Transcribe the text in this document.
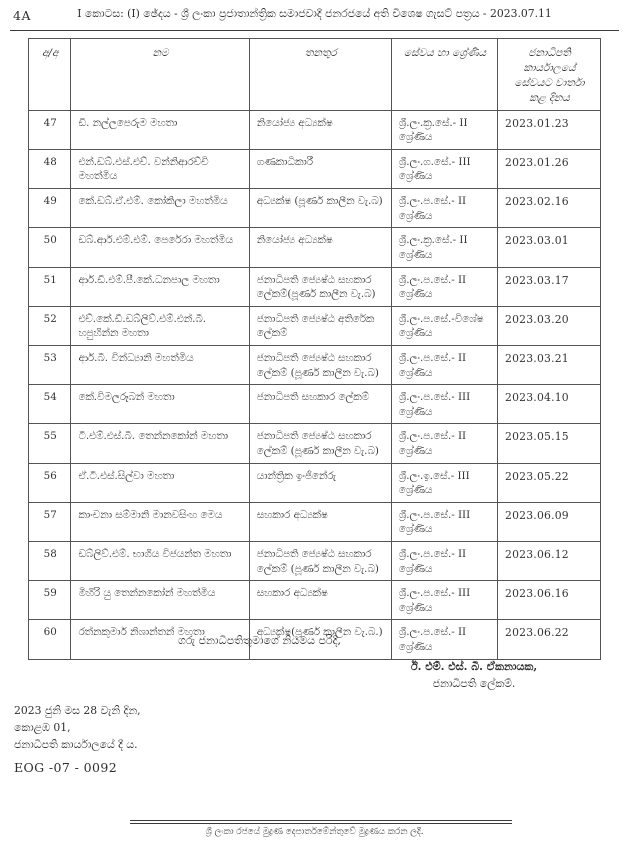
4A	I කොටස: (I) ඡේදය - ශ්‍රී ලංකා ප්‍රජාතාන්ත්‍රික සමාජවාදී ජනරජයේ අති විශෙෂ ගැසට් පත්‍රය - 2023.07.11
අ/අ	නම	තනතුර	සේවය හා ශ්‍රේණිය	ජනාධිපති කාර්යාලයේ සේවයට වාර්තා කළ දිනය
47	ඩී. නල්ලපෙරුම මහතා	නියෝජ්‍ය අධ්‍යක්ෂ	ශ්‍රී.ලං.ක්‍ර.සේ.- II ශ්‍රේණිය	2023.01.23
48	එන්.ඩබ්.එස්.එච්. වන්නිආරච්චි මහත්මිය	ගණකාධිකාරී	ශ්‍රී.ලං.ග.සේ.- III ශ්‍රේණිය	2023.01.26
49	කේ.ඩබ්.ඒ.එම්. කෝකිලා මහත්මිය	අධ්‍යක්ෂ (පූර්ණ කාලීන වැ.බ)	ශ්‍රී.ලං.ප.සේ.- II ශ්‍රේණිය	2023.02.16
50	ඩබ්.ආර්.එම්.එම්. පෙරේරා මහත්මිය	නියෝජ්‍ය අධ්‍යක්ෂ	ශ්‍රී.ලං.ක්‍ර.සේ.- II ශ්‍රේණිය	2023.03.01
51	ආර්.ඩී.එම්.පී.කේ.ධනපාල මහතා	ජනාධිපති ජ්‍යෙෂ්ඨ සහකාර ලේකම්(පූර්ණ කාලීන වැ.බ)	ශ්‍රී.ලං.ප.සේ.- II ශ්‍රේණිය	2023.03.17
52	එච්.කේ.ඩී.ඩබ්ලිව්.එම්.එන්.බී. හපුහින්න මහතා	ජනාධිපති ජ්‍යෙෂ්ඨ අතිරේක ලේකම්	ශ්‍රී.ලං.ප.සේ.-විශේෂ ශ්‍රේණිය	2023.03.20
53	ආර්.බී. වින්ධ්‍යානි මහත්මිය	ජනාධිපති ජ්‍යෙෂ්ඨ සහකාර ලේකම් (පූර්ණ කාලීන වැ.බ)	ශ්‍රී.ලං.ප.සේ.- II ශ්‍රේණිය	2023.03.21
54	කේ.විමලරූබන් මහතා	ජනාධිපති සහකාර ලේකම්	ශ්‍රී.ලං.ප.සේ.- III ශ්‍රේණිය	2023.04.10
55	ටී.එම්.එස්.බී. තෙන්නකෝන් මහතා	ජනාධිපති ජ්‍යෙෂ්ඨ සහකාර ලේකම් (පූර්ණ කාලීන වැ.බ)	ශ්‍රී.ලං.ප.සේ.- II ශ්‍රේණිය	2023.05.15
56	ඒ.ටී.එස්.සිල්වා මහතා	යාන්ත්‍රික ඉංජිනේරු	ශ්‍රී.ලං.ඉ.සේ.- III ශ්‍රේණිය	2023.05.22
57	කාංචනා සම්මානි මානවසිංහ මෙය	සහකාර අධ්‍යක්ෂ	ශ්‍රී.ලං.ප.සේ.- III ශ්‍රේණිය	2023.06.09
58	ඩබ්ලිව්.එම්. භාගිය විජයන්ත මහතා	ජනාධිපති ජ්‍යෙෂ්ඨ සහකාර ලේකම් (පූර්ණ කාලීන වැ.බ)	ශ්‍රී.ලං.ප.සේ.- II ශ්‍රේණිය	2023.06.12
59	මිහිරි යු තෙන්නකෝන් මහත්මිය	සහකාර අධ්‍යක්ෂ	ශ්‍රී.ලං.ප.සේ.- III ශ්‍රේණිය	2023.06.16
60	රත්නකුමාර් නිශාන්තන් මහතා	අධ්‍යක්ෂ(පූර්ණ කාලීන වැ.බ.)	ශ්‍රී.ලං.ප.සේ.- II ශ්‍රේණිය	2023.06.22
ගරු ජනාධිපතිතුමාගේ නියමය පරිදි,
ඊ. එම්. එස්. බී. ඒකනායක,
ජනාධිපති ලේකම්.
2023 ජුනි මස 28 වැනි දින,
කොළඹ 01,
ජනාධිපති කාර්යාලයේ දී ය.
EOG -07 - 0092
ශ්‍රී ලංකා රජයේ මුද්‍රණ දෙපාර්තමේන්තුවේ මුද්‍රණය කරන ලදී.
